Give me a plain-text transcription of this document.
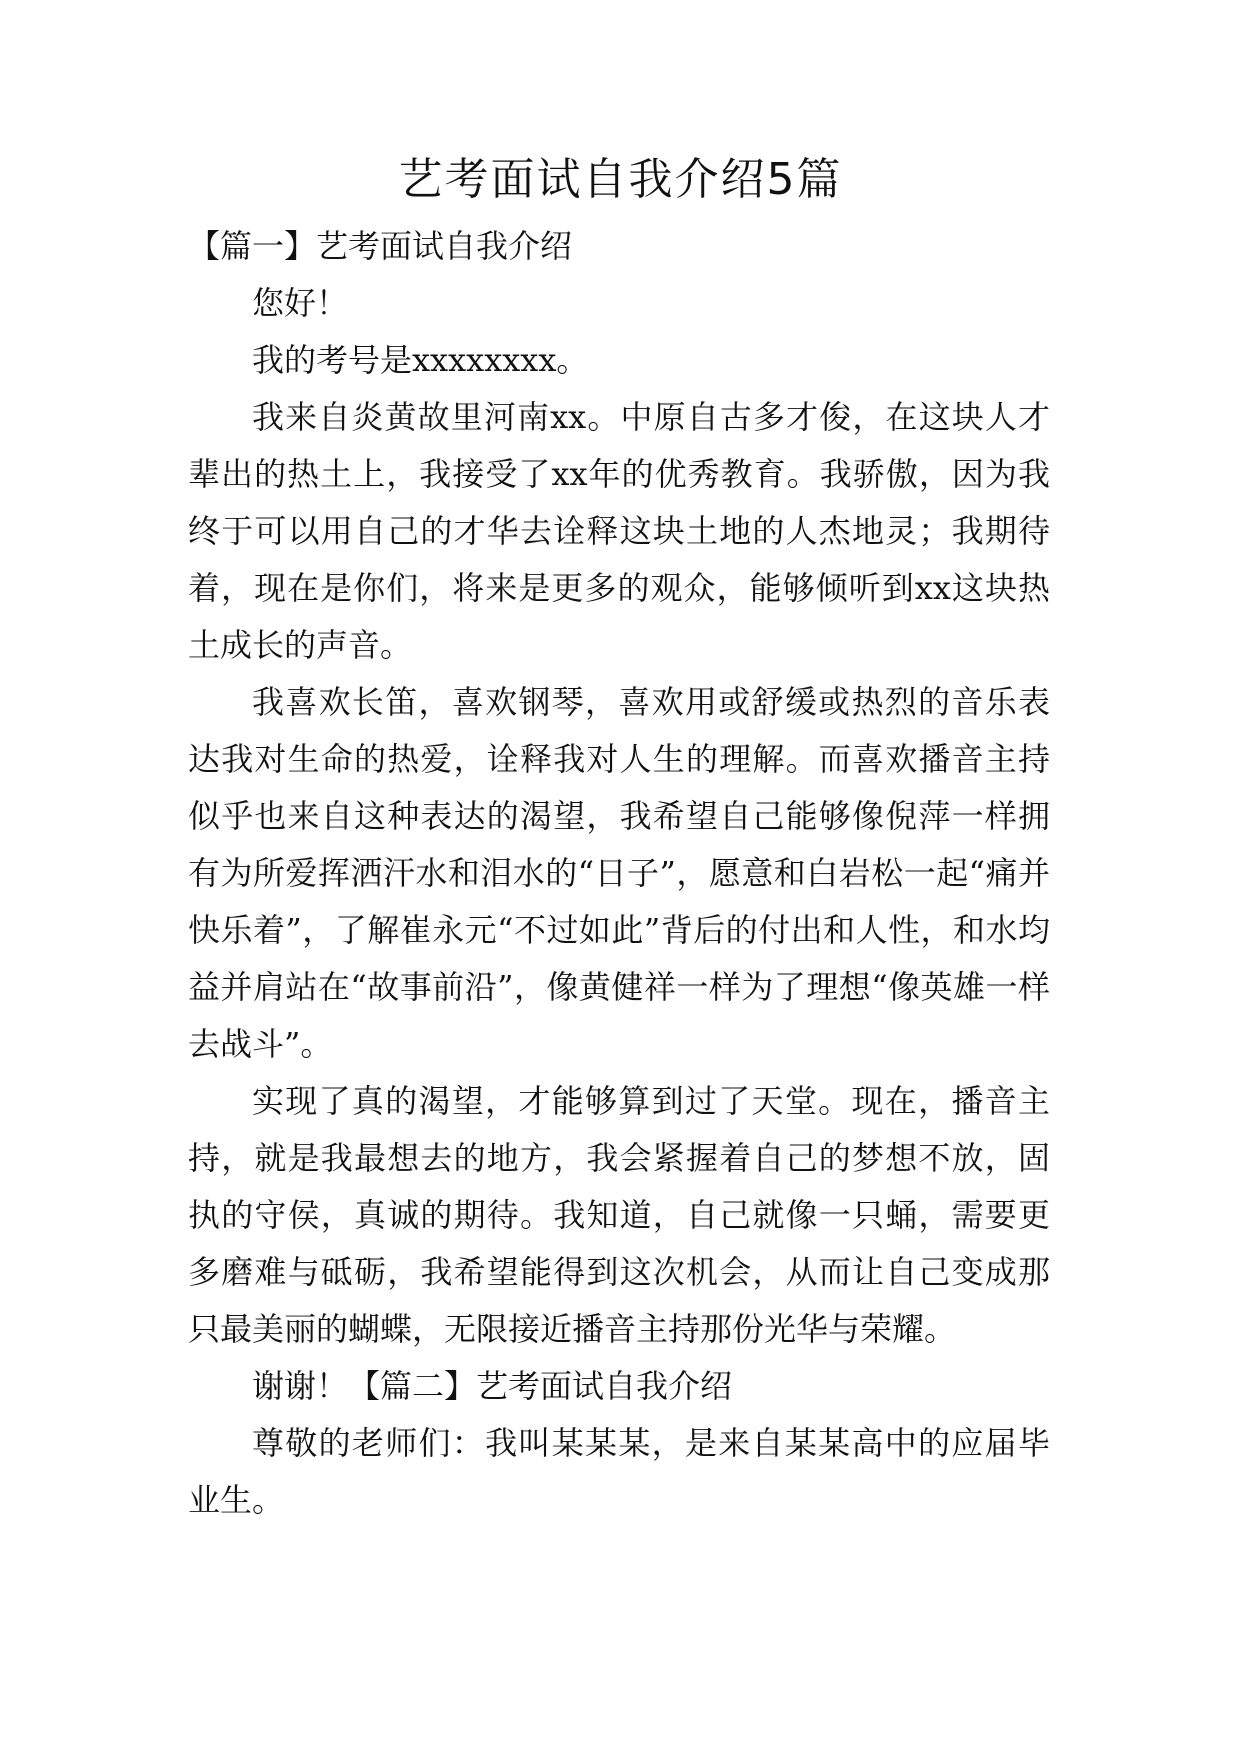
艺考面试自我介绍5篇

【篇一】艺考面试自我介绍

您好！

我的考号是xxxxxxxx。

我来自炎黄故里河南xx。中原自古多才俊，在这块人才辈出的热土上，我接受了xx年的优秀教育。我骄傲，因为我终于可以用自己的才华去诠释这块土地的人杰地灵；我期待着，现在是你们，将来是更多的观众，能够倾听到xx这块热土成长的声音。

我喜欢长笛，喜欢钢琴，喜欢用或舒缓或热烈的音乐表达我对生命的热爱，诠释我对人生的理解。而喜欢播音主持似乎也来自这种表达的渴望，我希望自己能够像倪萍一样拥有为所爱挥洒汗水和泪水的“日子”，愿意和白岩松一起“痛并快乐着”，了解崔永元“不过如此”背后的付出和人性，和水均益并肩站在“故事前沿”，像黄健祥一样为了理想“像英雄一样去战斗”。

实现了真的渴望，才能够算到过了天堂。现在，播音主持，就是我最想去的地方，我会紧握着自己的梦想不放，固执的守侯，真诚的期待。我知道，自己就像一只蛹，需要更多磨难与砥砺，我希望能得到这次机会，从而让自己变成那只最美丽的蝴蝶，无限接近播音主持那份光华与荣耀。

谢谢！【篇二】艺考面试自我介绍

尊敬的老师们：我叫某某某，是来自某某高中的应届毕业生。
